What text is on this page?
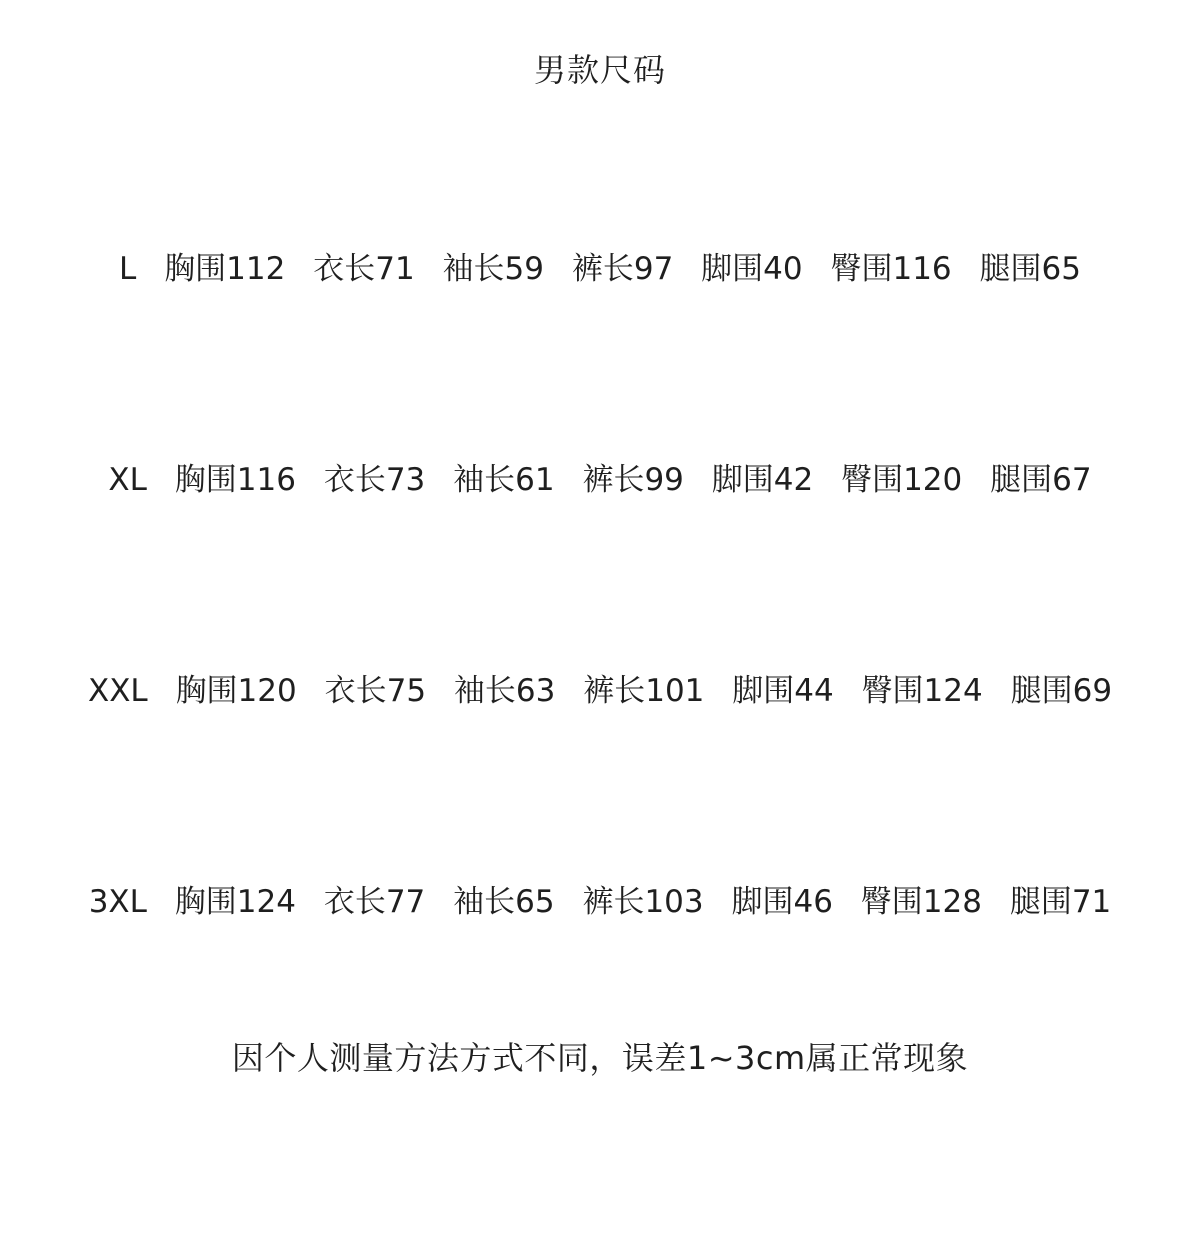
男款尺码
L 胸围112 衣长71 袖长59 裤长97 脚围40 臀围116 腿围65
XL 胸围116 衣长73 袖长61 裤长99 脚围42 臀围120 腿围67
XXL 胸围120 衣长75 袖长63 裤长101 脚围44 臀围124 腿围69
3XL 胸围124 衣长77 袖长65 裤长103 脚围46 臀围128 腿围71
因个人测量方法方式不同，误差1~3cm属正常现象
